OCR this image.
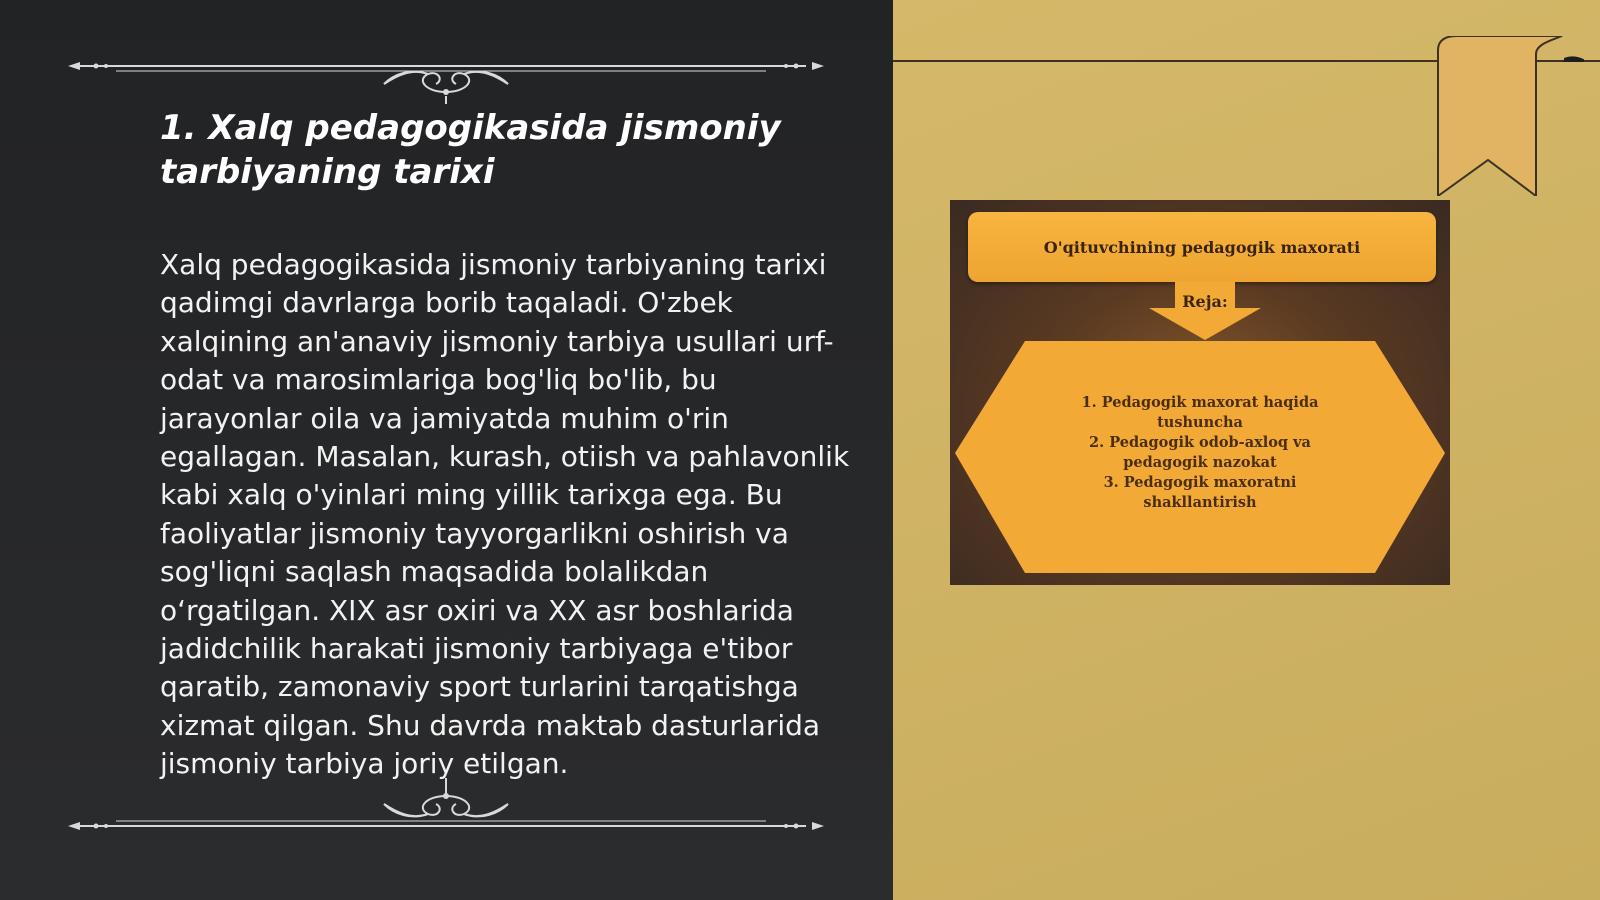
1. Xalq pedagogikasida jismoniy tarbiyaning tarixi

Xalq pedagogikasida jismoniy tarbiyaning tarixi qadimgi davrlarga borib taqaladi. O'zbek xalqining an'anaviy jismoniy tarbiya usullari urf-odat va marosimlariga bog'liq bo'lib, bu jarayonlar oila va jamiyatda muhim o'rin egallagan. Masalan, kurash, otiish va pahlavonlik kabi xalq o'yinlari ming yillik tarixga ega. Bu faoliyatlar jismoniy tayyorgarlikni oshirish va sog'liqni saqlash maqsadida bolalikdan o‘rgatilgan. XIX asr oxiri va XX asr boshlarida jadidchilik harakati jismoniy tarbiyaga e'tibor qaratib, zamonaviy sport turlarini tarqatishga xizmat qilgan. Shu davrda maktab dasturlarida jismoniy tarbiya joriy etilgan.

O'qituvchining pedagogik maxorati
Reja:
1. Pedagogik maxorat haqida
tushuncha
2. Pedagogik odob-axloq va
pedagogik nazokat
3. Pedagogik maxoratni
shakllantirish
